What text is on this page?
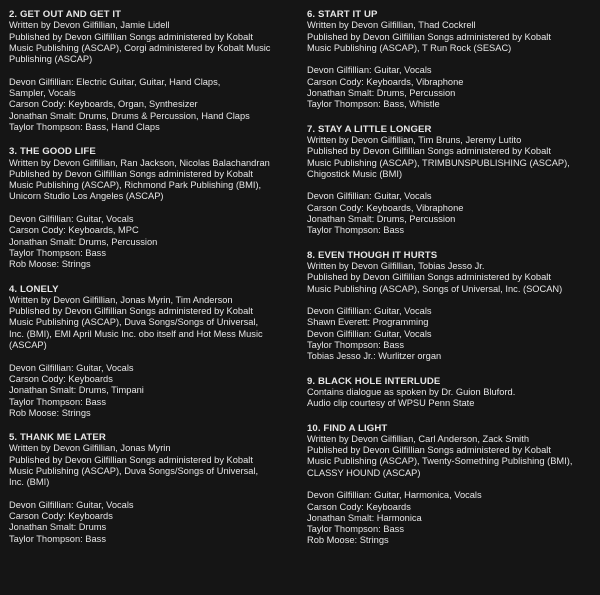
2. GET OUT AND GET IT
Written by Devon Gilfillian, Jamie Lidell
Published by Devon Gilfillian Songs administered by Kobalt
Music Publishing (ASCAP), Corgi administered by Kobalt Music
Publishing (ASCAP)
Devon Gilfillian: Electric Guitar, Guitar, Hand Claps,
Sampler, Vocals
Carson Cody: Keyboards, Organ, Synthesizer
Jonathan Smalt: Drums, Drums & Percussion, Hand Claps
Taylor Thompson: Bass, Hand Claps
3. THE GOOD LIFE
Written by Devon Gilfillian, Ran Jackson, Nicolas Balachandran
Published by Devon Gilfillian Songs administered by Kobalt
Music Publishing (ASCAP), Richmond Park Publishing (BMI),
Unicorn Studio Los Angeles (ASCAP)
Devon Gilfillian: Guitar, Vocals
Carson Cody: Keyboards, MPC
Jonathan Smalt: Drums, Percussion
Taylor Thompson: Bass
Rob Moose: Strings
4. LONELY
Written by Devon Gilfillian, Jonas Myrin, Tim Anderson
Published by Devon Gilfillian Songs administered by Kobalt
Music Publishing (ASCAP), Duva Songs/Songs of Universal,
Inc. (BMI), EMI April Music Inc. obo itself and Hot Mess Music
(ASCAP)
Devon Gilfillian: Guitar, Vocals
Carson Cody: Keyboards
Jonathan Smalt: Drums, Timpani
Taylor Thompson: Bass
Rob Moose: Strings
5. THANK ME LATER
Written by Devon Gilfillian, Jonas Myrin
Published by Devon Gilfillian Songs administered by Kobalt
Music Publishing (ASCAP), Duva Songs/Songs of Universal,
Inc. (BMI)
Devon Gilfillian: Guitar, Vocals
Carson Cody: Keyboards
Jonathan Smalt: Drums
Taylor Thompson: Bass
6. START IT UP
Written by Devon Gilfillian, Thad Cockrell
Published by Devon Gilfillian Songs administered by Kobalt
Music Publishing (ASCAP), T Run Rock (SESAC)
Devon Gilfillian: Guitar, Vocals
Carson Cody: Keyboards, Vibraphone
Jonathan Smalt: Drums, Percussion
Taylor Thompson: Bass, Whistle
7. STAY A LITTLE LONGER
Written by Devon Gilfillian, Tim Bruns, Jeremy Lutito
Published by Devon Gilfillian Songs administered by Kobalt
Music Publishing (ASCAP), TRIMBUNSPUBLISHING (ASCAP),
Chigostick Music (BMI)
Devon Gilfillian: Guitar, Vocals
Carson Cody: Keyboards, Vibraphone
Jonathan Smalt: Drums, Percussion
Taylor Thompson: Bass
8. EVEN THOUGH IT HURTS
Written by Devon Gilfillian, Tobias Jesso Jr.
Published by Devon Gilfillian Songs administered by Kobalt
Music Publishing (ASCAP), Songs of Universal, Inc. (SOCAN)
Devon Gilfillian: Guitar, Vocals
Shawn Everett: Programming
Devon Gilfillian: Guitar, Vocals
Taylor Thompson: Bass
Tobias Jesso Jr.: Wurlitzer organ
9. BLACK HOLE INTERLUDE
Contains dialogue as spoken by Dr. Guion Bluford.
Audio clip courtesy of WPSU Penn State
10. FIND A LIGHT
Written by Devon Gilfillian, Carl Anderson, Zack Smith
Published by Devon Gilfillian Songs administered by Kobalt
Music Publishing (ASCAP), Twenty-Something Publishing (BMI),
CLASSY HOUND (ASCAP)
Devon Gilfillian: Guitar, Harmonica, Vocals
Carson Cody: Keyboards
Jonathan Smalt: Harmonica
Taylor Thompson: Bass
Rob Moose: Strings
